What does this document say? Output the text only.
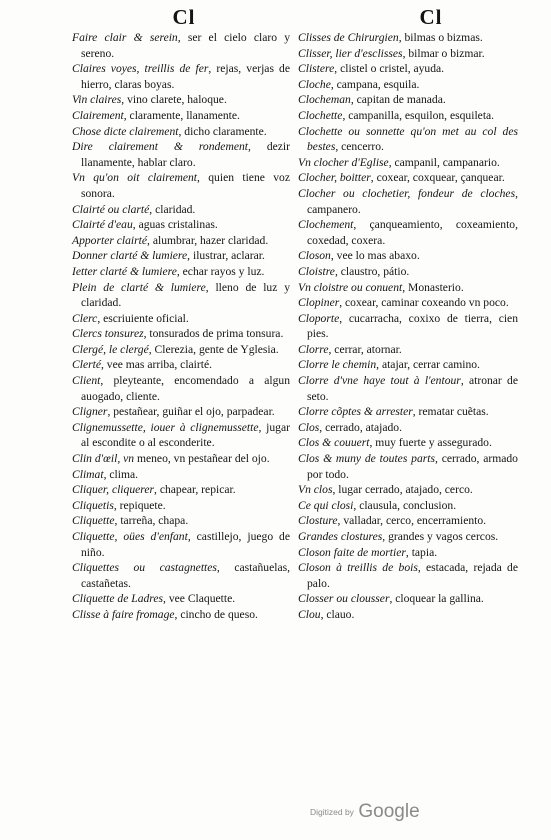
Cl
Faire clair & serein, ser el cielo claro y sereno.
Claires voyes, treillis de fer, rejas, verjas de hierro, claras boyas.
Vin claires, vino clarete, haloque.
Clairement, claramente, llanamente.
Chose dicte clairement, dicho claramente.
Dire clairement & rondement, dezir llanamente, hablar claro.
Vn qu'on oit clairement, quien tiene voz sonora.
Clairté ou clarté, claridad.
Clairté d'eau, aguas cristalinas.
Apporter clairté, alumbrar, hazer claridad.
Donner clarté & lumiere, ilustrar, aclarar.
Ietter clarté & lumiere, echar rayos y luz.
Plein de clarté & lumiere, lleno de luz y claridad.
Clerc, escriuiente oficial.
Clercs tonsurez, tonsurados de prima tonsura.
Clergé, le clergé, Clerezia, gente de Yglesia.
Clerté, vee mas arriba, clairté.
Client, pleyteante, encomendado a algun auogado, cliente.
Cligner, pestañear, guiñar el ojo, parpadear.
Clignemussette, iouer à clignemussette, jugar al escondite o al esconderite.
Clin d'œil, vn meneo, vn pestañear del ojo.
Climat, clima.
Cliquer, cliquerer, chapear, repicar.
Cliquetis, repiquete.
Cliquette, tarreña, chapa.
Cliquette, oües d'enfant, castillejo, juego de niño.
Cliquettes ou castagnettes, castañuelas, castañetas.
Cliquette de Ladres, vee Claquette.
Clisse à faire fromage, cincho de queso.
Cl
Clisses de Chirurgien, bilmas o bizmas.
Clisser, lier d'esclisses, bilmar o bizmar.
Clistere, clistel o cristel, ayuda.
Cloche, campana, esquila.
Clocheman, capitan de manada.
Clochette, campanilla, esquilon, esquileta.
Clochette ou sonnette qu'on met au col des bestes, cencerro.
Vn clocher d'Eglise, campanil, campanario.
Clocher, boitter, coxear, coxquear, çanquear.
Clocher ou clochetier, fondeur de cloches, campanero.
Clochement, çanqueamiento, coxeamiento, coxedad, coxera.
Closon, vee lo mas abaxo.
Cloistre, claustro, pátio.
Vn cloistre ou conuent, Monasterio.
Clopiner, coxear, caminar coxeando vn poco.
Cloporte, cucarracha, coxixo de tierra, cien pies.
Clorre, cerrar, atornar.
Clorre le chemin, atajar, cerrar camino.
Clorre d'vne haye tout à l'entour, atronar de seto.
Clorre cõptes & arrester, rematar cuẽtas.
Clos, cerrado, atajado.
Clos & couuert, muy fuerte y assegurado.
Clos & muny de toutes parts, cerrado, armado por todo.
Vn clos, lugar cerrado, atajado, cerco.
Ce qui closi, clausula, conclusion.
Closture, valladar, cerco, encerramiento.
Grandes clostures, grandes y vagos cercos.
Closon faite de mortier, tapia.
Closon à treillis de bois, estacada, rejada de palo.
Closser ou clousser, cloquear la gallina.
Clou, clauo.
Digitized by Google
